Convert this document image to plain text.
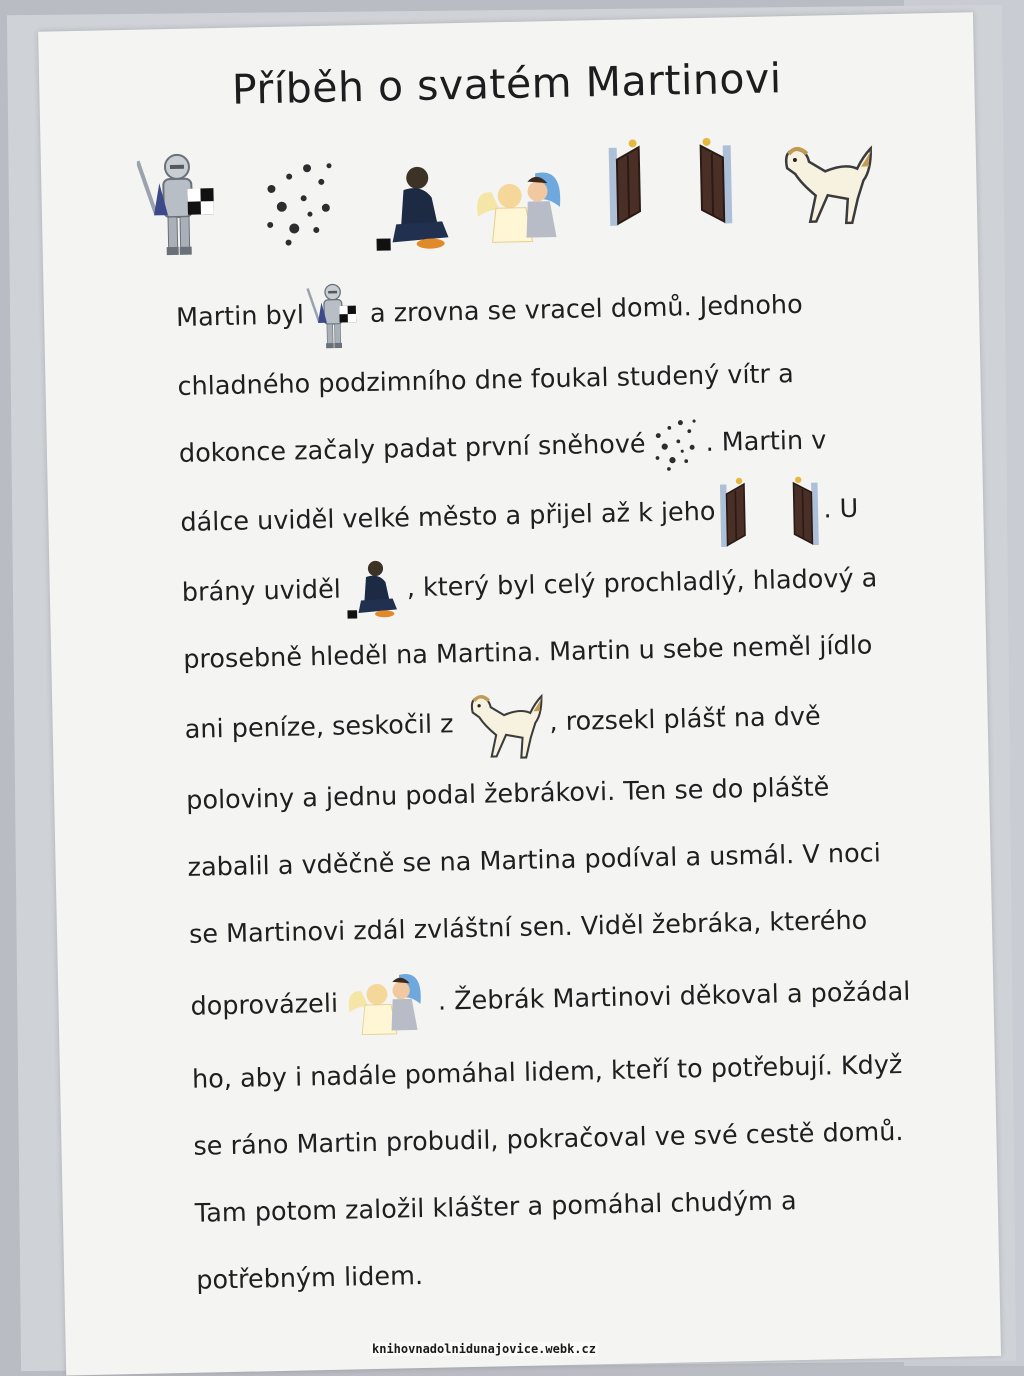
Příběh o svatém Martinovi

Martin byl a zrovna se vracel domů. Jednoho chladného podzimního dne foukal studený vítr a dokonce začaly padat první sněhové . Martin v dálce uviděl velké město a přijel až k jeho	. U brány uviděl	, který byl celý prochladlý, hladový a prosebně hleděl na Martina. Martin u sebe neměl jídlo ani peníze, seskočil z	, rozsekl plášť na dvě poloviny a jednu podal žebrákovi. Ten se do pláště zabalil a vděčně se na Martina podíval a usmál. V noci se Martinovi zdál zvláštní sen. Viděl žebráka, kterého doprovázeli	. Žebrák Martinovi děkoval a požádal ho, aby i nadále pomáhal lidem, kteří to potřebují. Když se ráno Martin probudil, pokračoval ve své cestě domů. Tam potom založil klášter a pomáhal chudým a potřebným lidem.

knihovnadolnidunajovice.webk.cz
